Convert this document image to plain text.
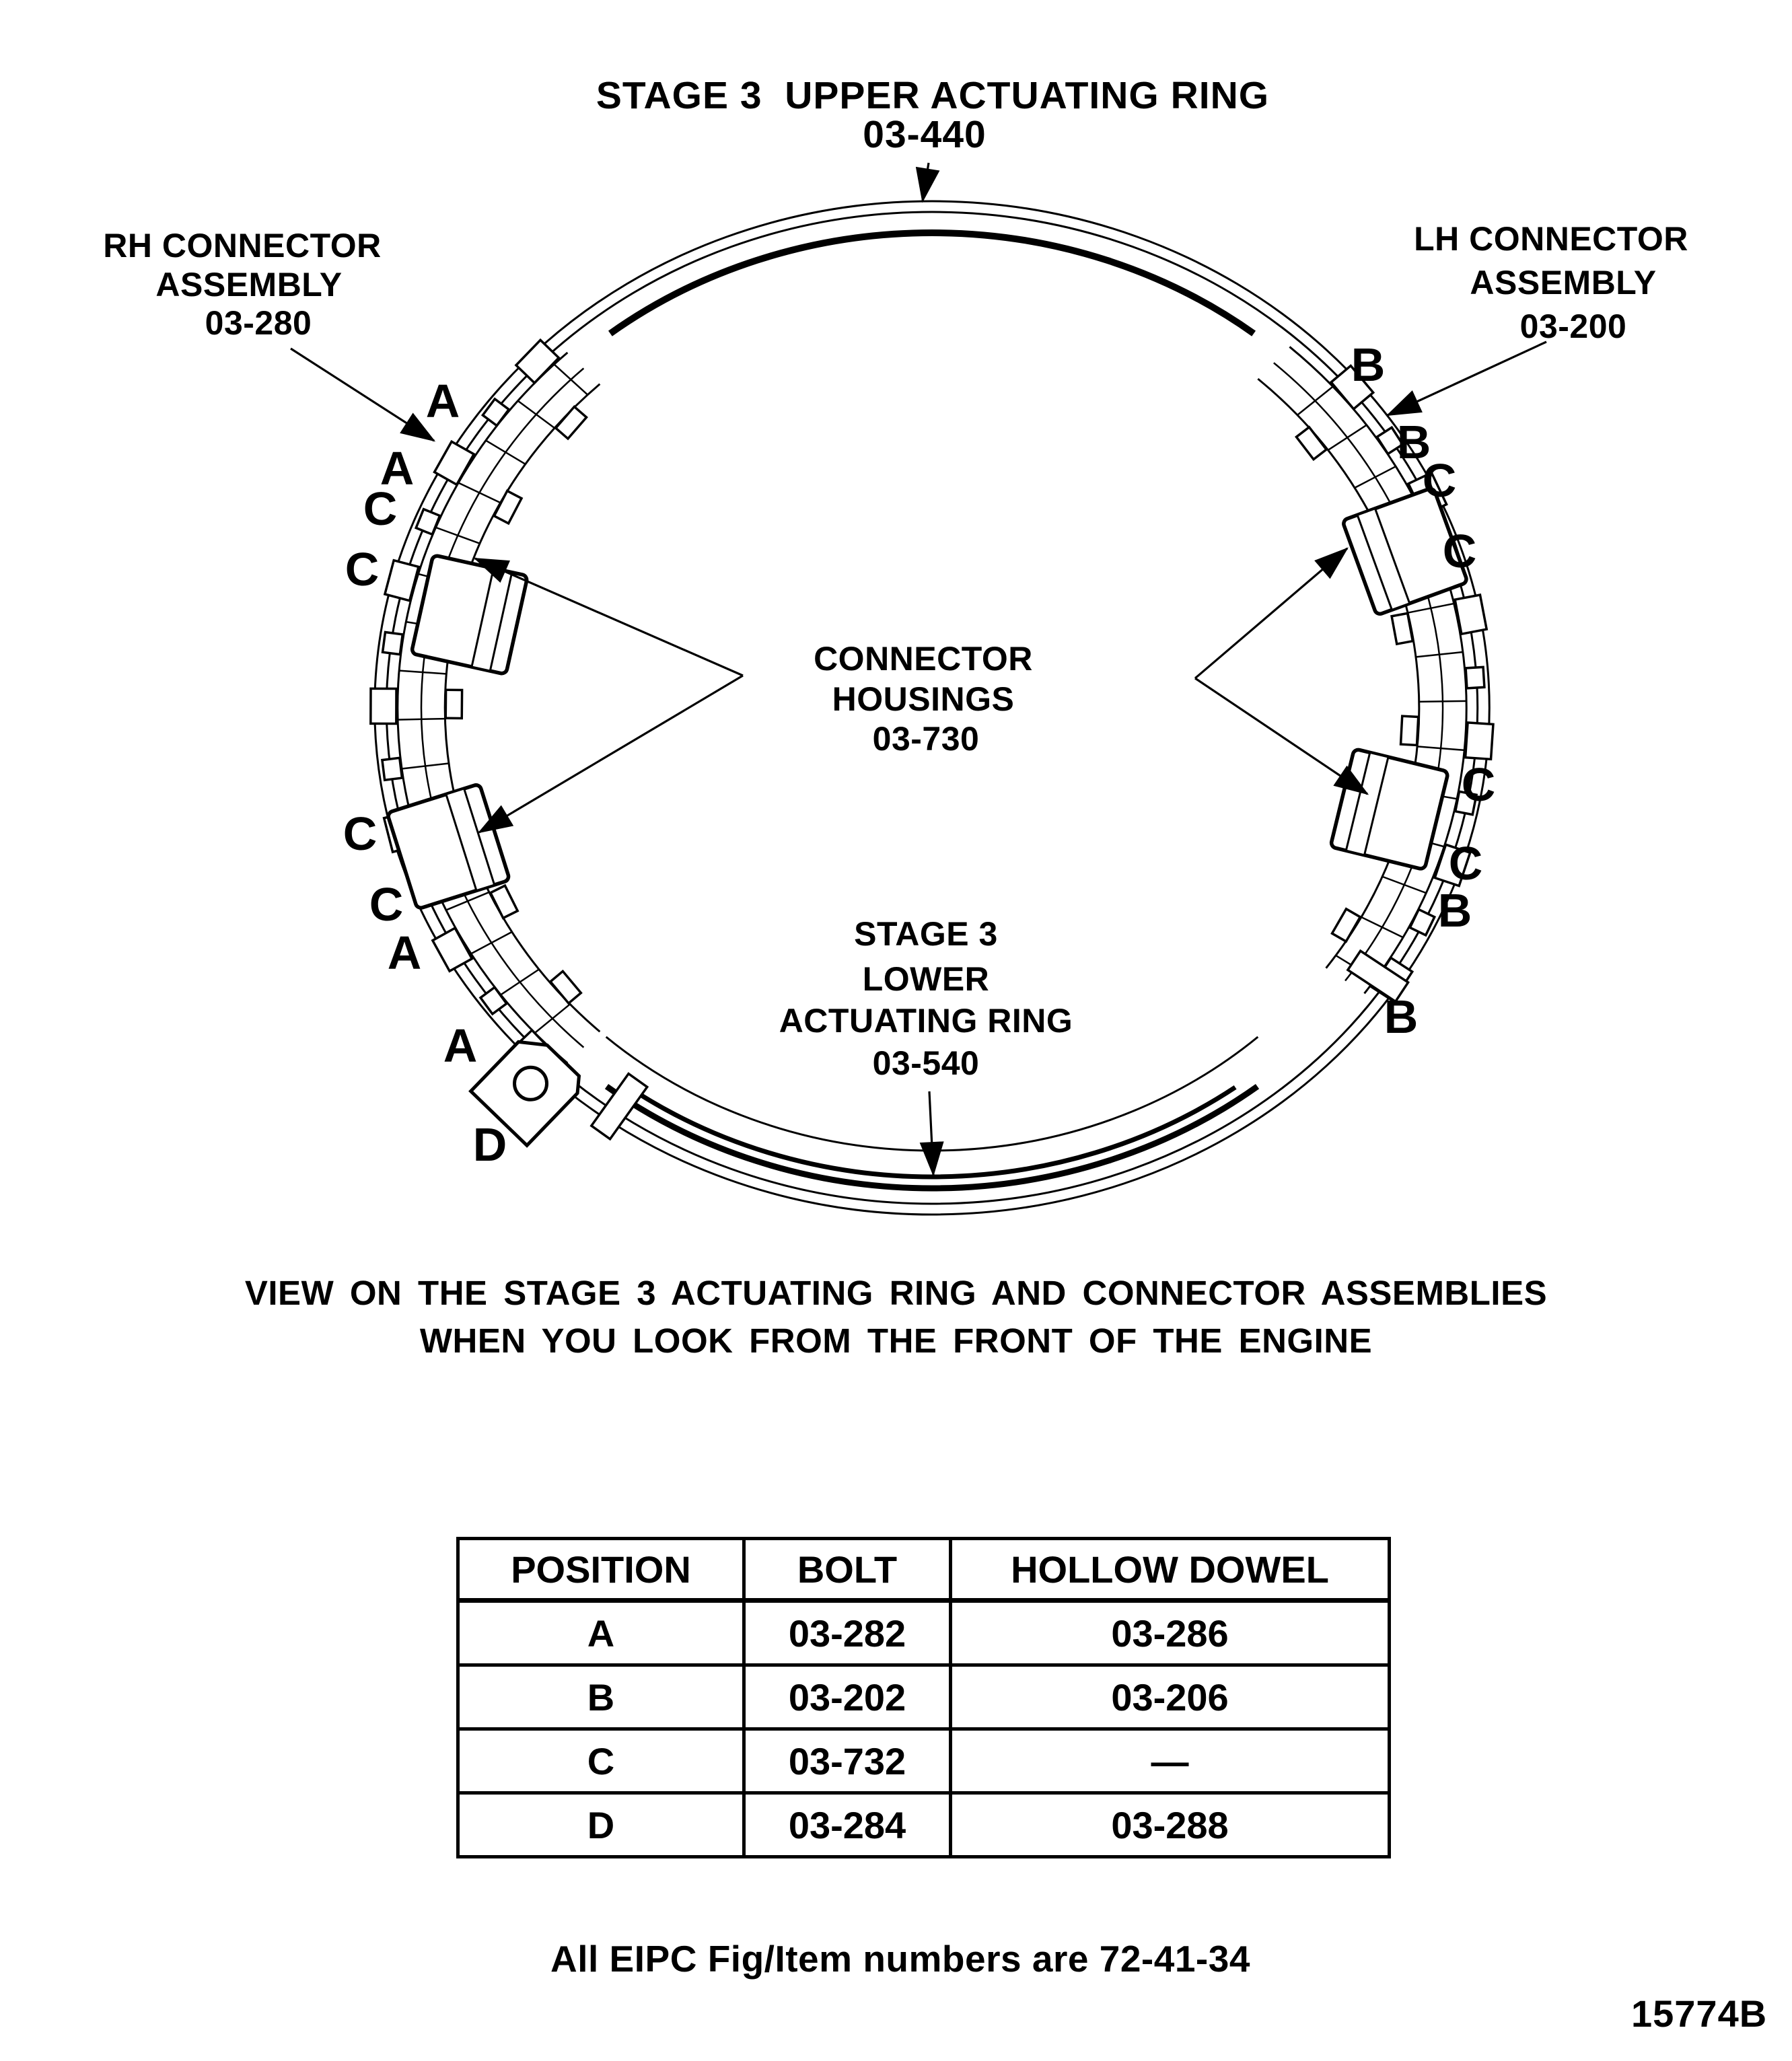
A
A
C
C
C
C
A
A
D
B
B
C
C
C
C
B
B
STAGE 3  UPPER ACTUATING RING
03-440
RH CONNECTOR
ASSEMBLY
03-280
LH CONNECTOR
ASSEMBLY
03-200
CONNECTOR
HOUSINGS
03-730
STAGE 3
LOWER
ACTUATING RING
03-540
VIEW ON THE STAGE 3 ACTUATING RING AND CONNECTOR ASSEMBLIES
WHEN YOU LOOK FROM THE FRONT OF THE ENGINE
POSITION	BOLT	HOLLOW DOWEL
A	03-282	03-286
B	03-202	03-206
C	03-732	—
D	03-284	03-288
All EIPC Fig/Item numbers are 72-41-34
15774B
